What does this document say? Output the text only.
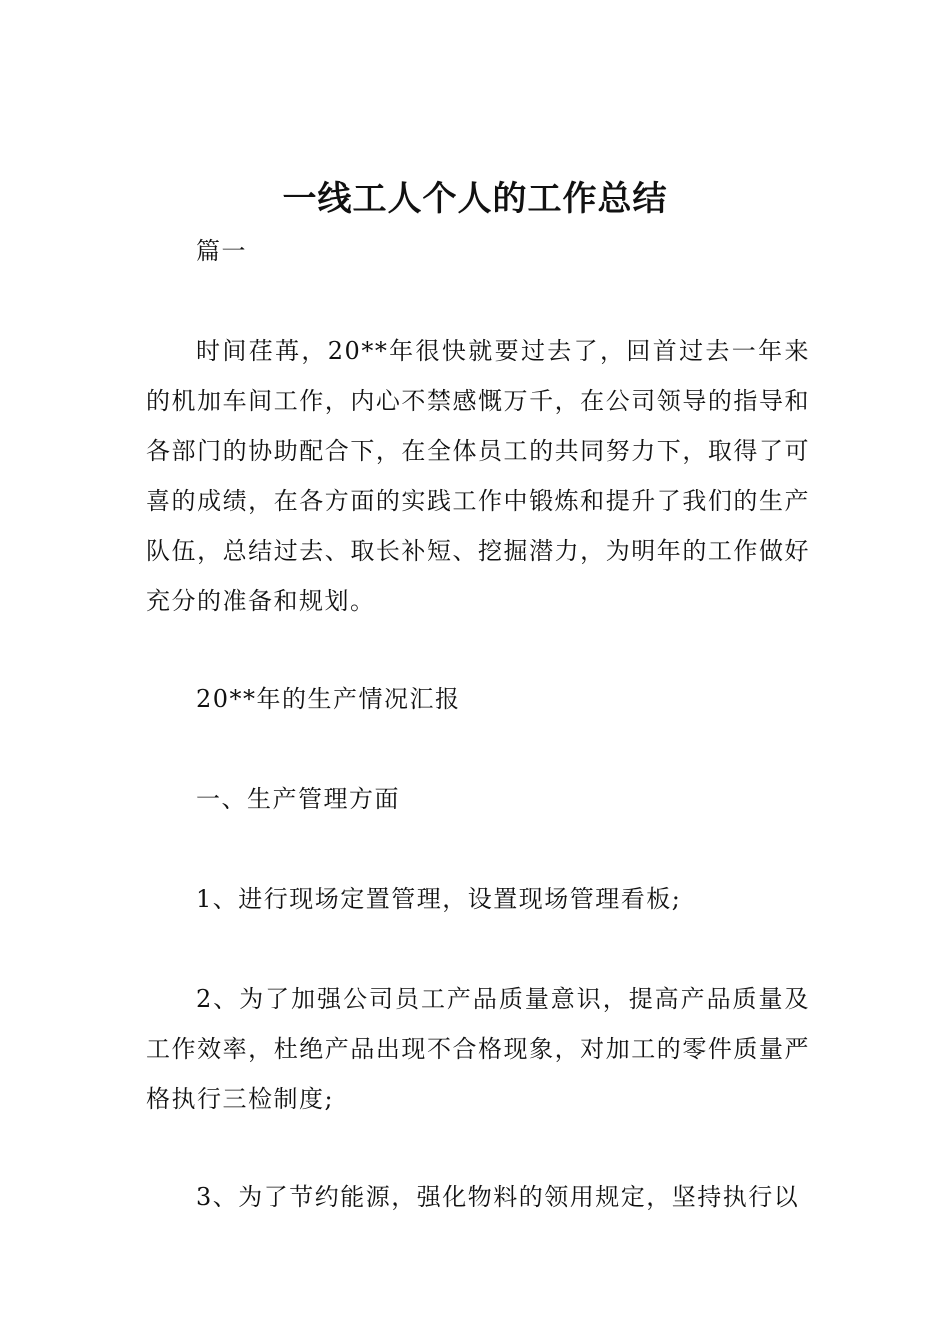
一线工人个人的工作总结
篇一
时间荏苒，20**年很快就要过去了，回首过去一年来的机加车间工作，内心不禁感慨万千，在公司领导的指导和各部门的协助配合下，在全体员工的共同努力下，取得了可喜的成绩，在各方面的实践工作中锻炼和提升了我们的生产队伍，总结过去、取长补短、挖掘潜力，为明年的工作做好充分的准备和规划。
20**年的生产情况汇报
一、生产管理方面
1、进行现场定置管理，设置现场管理看板;
2、为了加强公司员工产品质量意识，提高产品质量及工作效率，杜绝产品出现不合格现象，对加工的零件质量严格执行三检制度;
3、为了节约能源，强化物料的领用规定，坚持执行以
